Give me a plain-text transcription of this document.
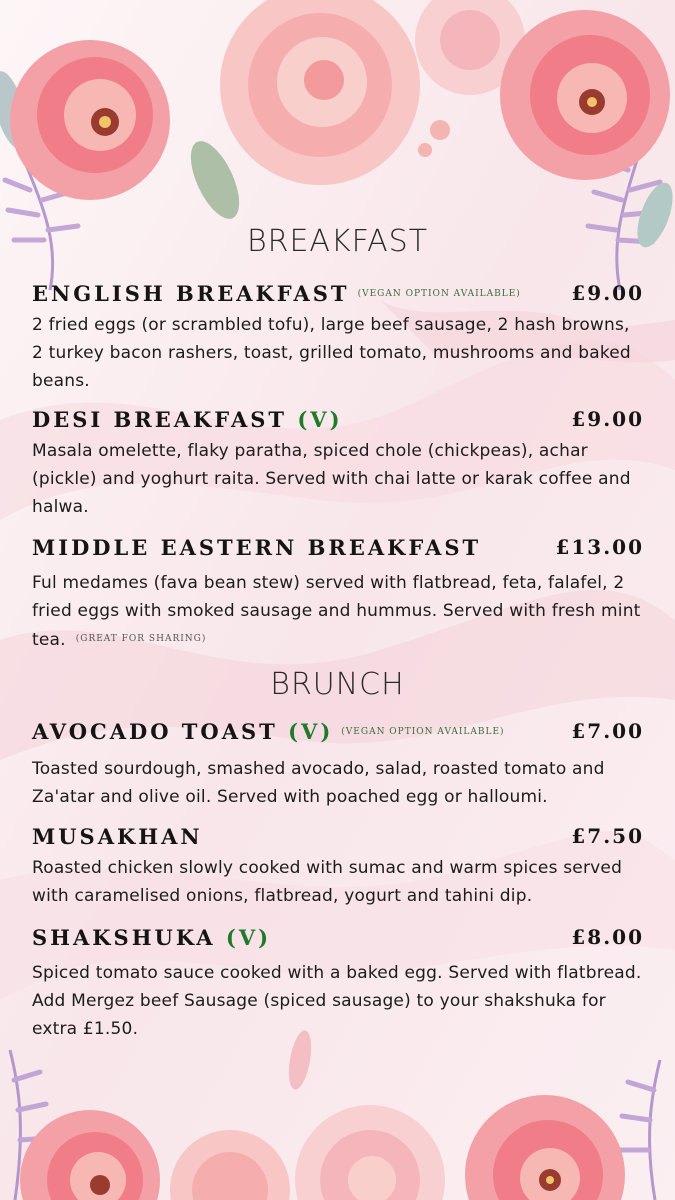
BREAKFAST
ENGLISH BREAKFAST $^{(VEGAN OPTION AVAILABLE)}$	£9.00

2 fried eggs (or scrambled tofu), large beef sausage, 2 hash browns, 2 turkey bacon rashers, toast, grilled tomato, mushrooms and baked beans.

DESI BREAKFAST (V)	£9.00

Masala omelette, flaky paratha, spiced chole (chickpeas), achar (pickle) and yoghurt raita. Served with chai latte or karak coffee and halwa.

MIDDLE EASTERN BREAKFAST	£13.00

Ful medames (fava bean stew) served with flatbread, feta, falafel, 2 fried eggs with smoked sausage and hummus. Served with fresh mint tea. $^{(GREAT FOR SHARING)}$

BRUNCH
AVOCADO TOAST (V) $^{(VEGAN OPTION AVAILABLE)}$	£7.00

Toasted sourdough, smashed avocado, salad, roasted tomato and Za'atar and olive oil. Served with poached egg or halloumi.

MUSAKHAN	£7.50

Roasted chicken slowly cooked with sumac and warm spices served with caramelised onions, flatbread, yogurt and tahini dip.

SHAKSHUKA (V)	£8.00

Spiced tomato sauce cooked with a baked egg. Served with flatbread. Add Mergez beef Sausage (spiced sausage) to your shakshuka for extra £1.50.
